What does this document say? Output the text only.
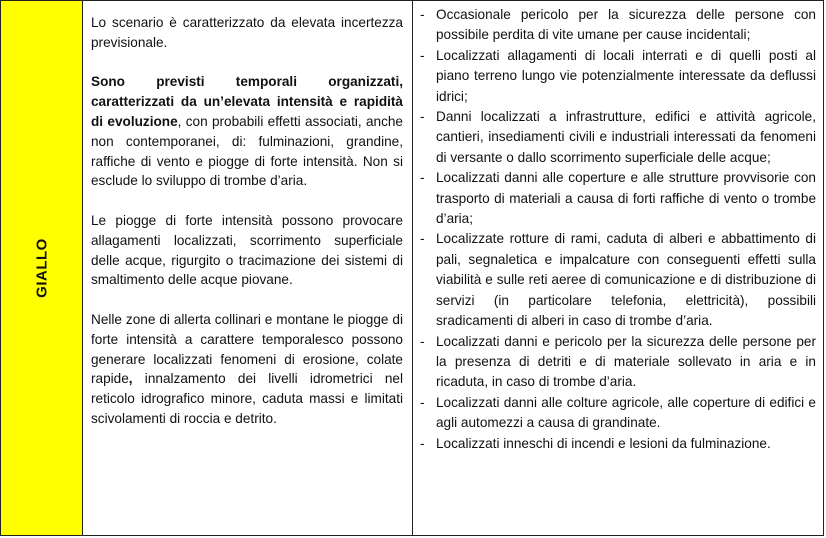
GIALLO

Lo scenario è caratterizzato da elevata incertezza previsionale.

Sono previsti temporali organizzati, caratterizzati da un’elevata intensità e rapidità di evoluzione, con probabili effetti associati, anche non contemporanei, di: fulminazioni, grandine, raffiche di vento e piogge di forte intensità. Non si esclude lo sviluppo di trombe d’aria.

Le piogge di forte intensità possono provocare allagamenti localizzati, scorrimento superficiale delle acque, rigurgito o tracimazione dei sistemi di smaltimento delle acque piovane.

Nelle zone di allerta collinari e montane le piogge di forte intensità a carattere temporalesco possono generare localizzati fenomeni di erosione, colate rapide, innalzamento dei livelli idrometrici nel reticolo idrografico minore, caduta massi e limitati scivolamenti di roccia e detrito.

- Occasionale pericolo per la sicurezza delle persone con possibile perdita di vite umane per cause incidentali;
- Localizzati allagamenti di locali interrati e di quelli posti al piano terreno lungo vie potenzialmente interessate da deflussi idrici;
- Danni localizzati a infrastrutture, edifici e attività agricole, cantieri, insediamenti civili e industriali interessati da fenomeni di versante o dallo scorrimento superficiale delle acque;
- Localizzati danni alle coperture e alle strutture provvisorie con trasporto di materiali a causa di forti raffiche di vento o trombe d’aria;
- Localizzate rotture di rami, caduta di alberi e abbattimento di pali, segnaletica e impalcature con conseguenti effetti sulla viabilità e sulle reti aeree di comunicazione e di distribuzione di servizi (in particolare telefonia, elettricità), possibili sradicamenti di alberi in caso di trombe d’aria.
- Localizzati danni e pericolo per la sicurezza delle persone per la presenza di detriti e di materiale sollevato in aria e in ricaduta, in caso di trombe d’aria.
- Localizzati danni alle colture agricole, alle coperture di edifici e agli automezzi a causa di grandinate.
- Localizzati inneschi di incendi e lesioni da fulminazione.
